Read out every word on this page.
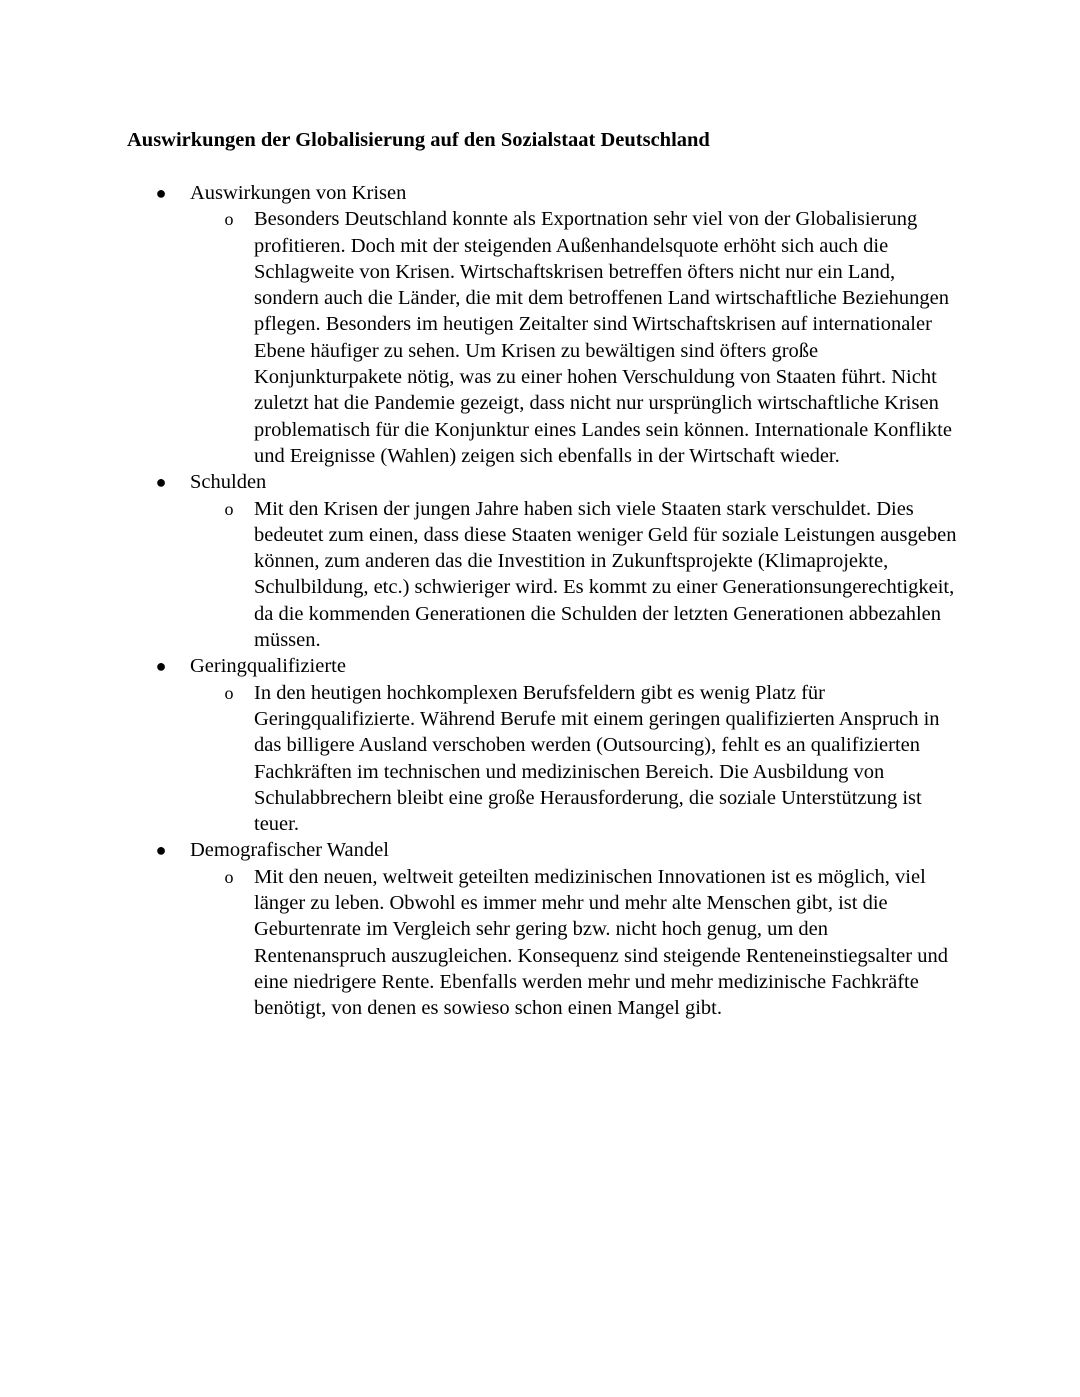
Auswirkungen der Globalisierung auf den Sozialstaat Deutschland
● Auswirkungen von Krisen
o Besonders Deutschland konnte als Exportnation sehr viel von der Globalisierung profitieren. Doch mit der steigenden Außenhandelsquote erhöht sich auch die Schlagweite von Krisen. Wirtschaftskrisen betreffen öfters nicht nur ein Land, sondern auch die Länder, die mit dem betroffenen Land wirtschaftliche Beziehungen pflegen. Besonders im heutigen Zeitalter sind Wirtschaftskrisen auf internationaler Ebene häufiger zu sehen. Um Krisen zu bewältigen sind öfters große Konjunkturpakete nötig, was zu einer hohen Verschuldung von Staaten führt. Nicht zuletzt hat die Pandemie gezeigt, dass nicht nur ursprünglich wirtschaftliche Krisen problematisch für die Konjunktur eines Landes sein können. Internationale Konflikte und Ereignisse (Wahlen) zeigen sich ebenfalls in der Wirtschaft wieder.
● Schulden
o Mit den Krisen der jungen Jahre haben sich viele Staaten stark verschuldet. Dies bedeutet zum einen, dass diese Staaten weniger Geld für soziale Leistungen ausgeben können, zum anderen das die Investition in Zukunftsprojekte (Klimaprojekte, Schulbildung, etc.) schwieriger wird. Es kommt zu einer Generationsungerechtigkeit, da die kommenden Generationen die Schulden der letzten Generationen abbezahlen müssen.
● Geringqualifizierte
o In den heutigen hochkomplexen Berufsfeldern gibt es wenig Platz für Geringqualifizierte. Während Berufe mit einem geringen qualifizierten Anspruch in das billigere Ausland verschoben werden (Outsourcing), fehlt es an qualifizierten Fachkräften im technischen und medizinischen Bereich. Die Ausbildung von Schulabbrechern bleibt eine große Herausforderung, die soziale Unterstützung ist teuer.
● Demografischer Wandel
o Mit den neuen, weltweit geteilten medizinischen Innovationen ist es möglich, viel länger zu leben. Obwohl es immer mehr und mehr alte Menschen gibt, ist die Geburtenrate im Vergleich sehr gering bzw. nicht hoch genug, um den Rentenanspruch auszugleichen. Konsequenz sind steigende Renteneinstiegsalter und eine niedrigere Rente. Ebenfalls werden mehr und mehr medizinische Fachkräfte benötigt, von denen es sowieso schon einen Mangel gibt.
